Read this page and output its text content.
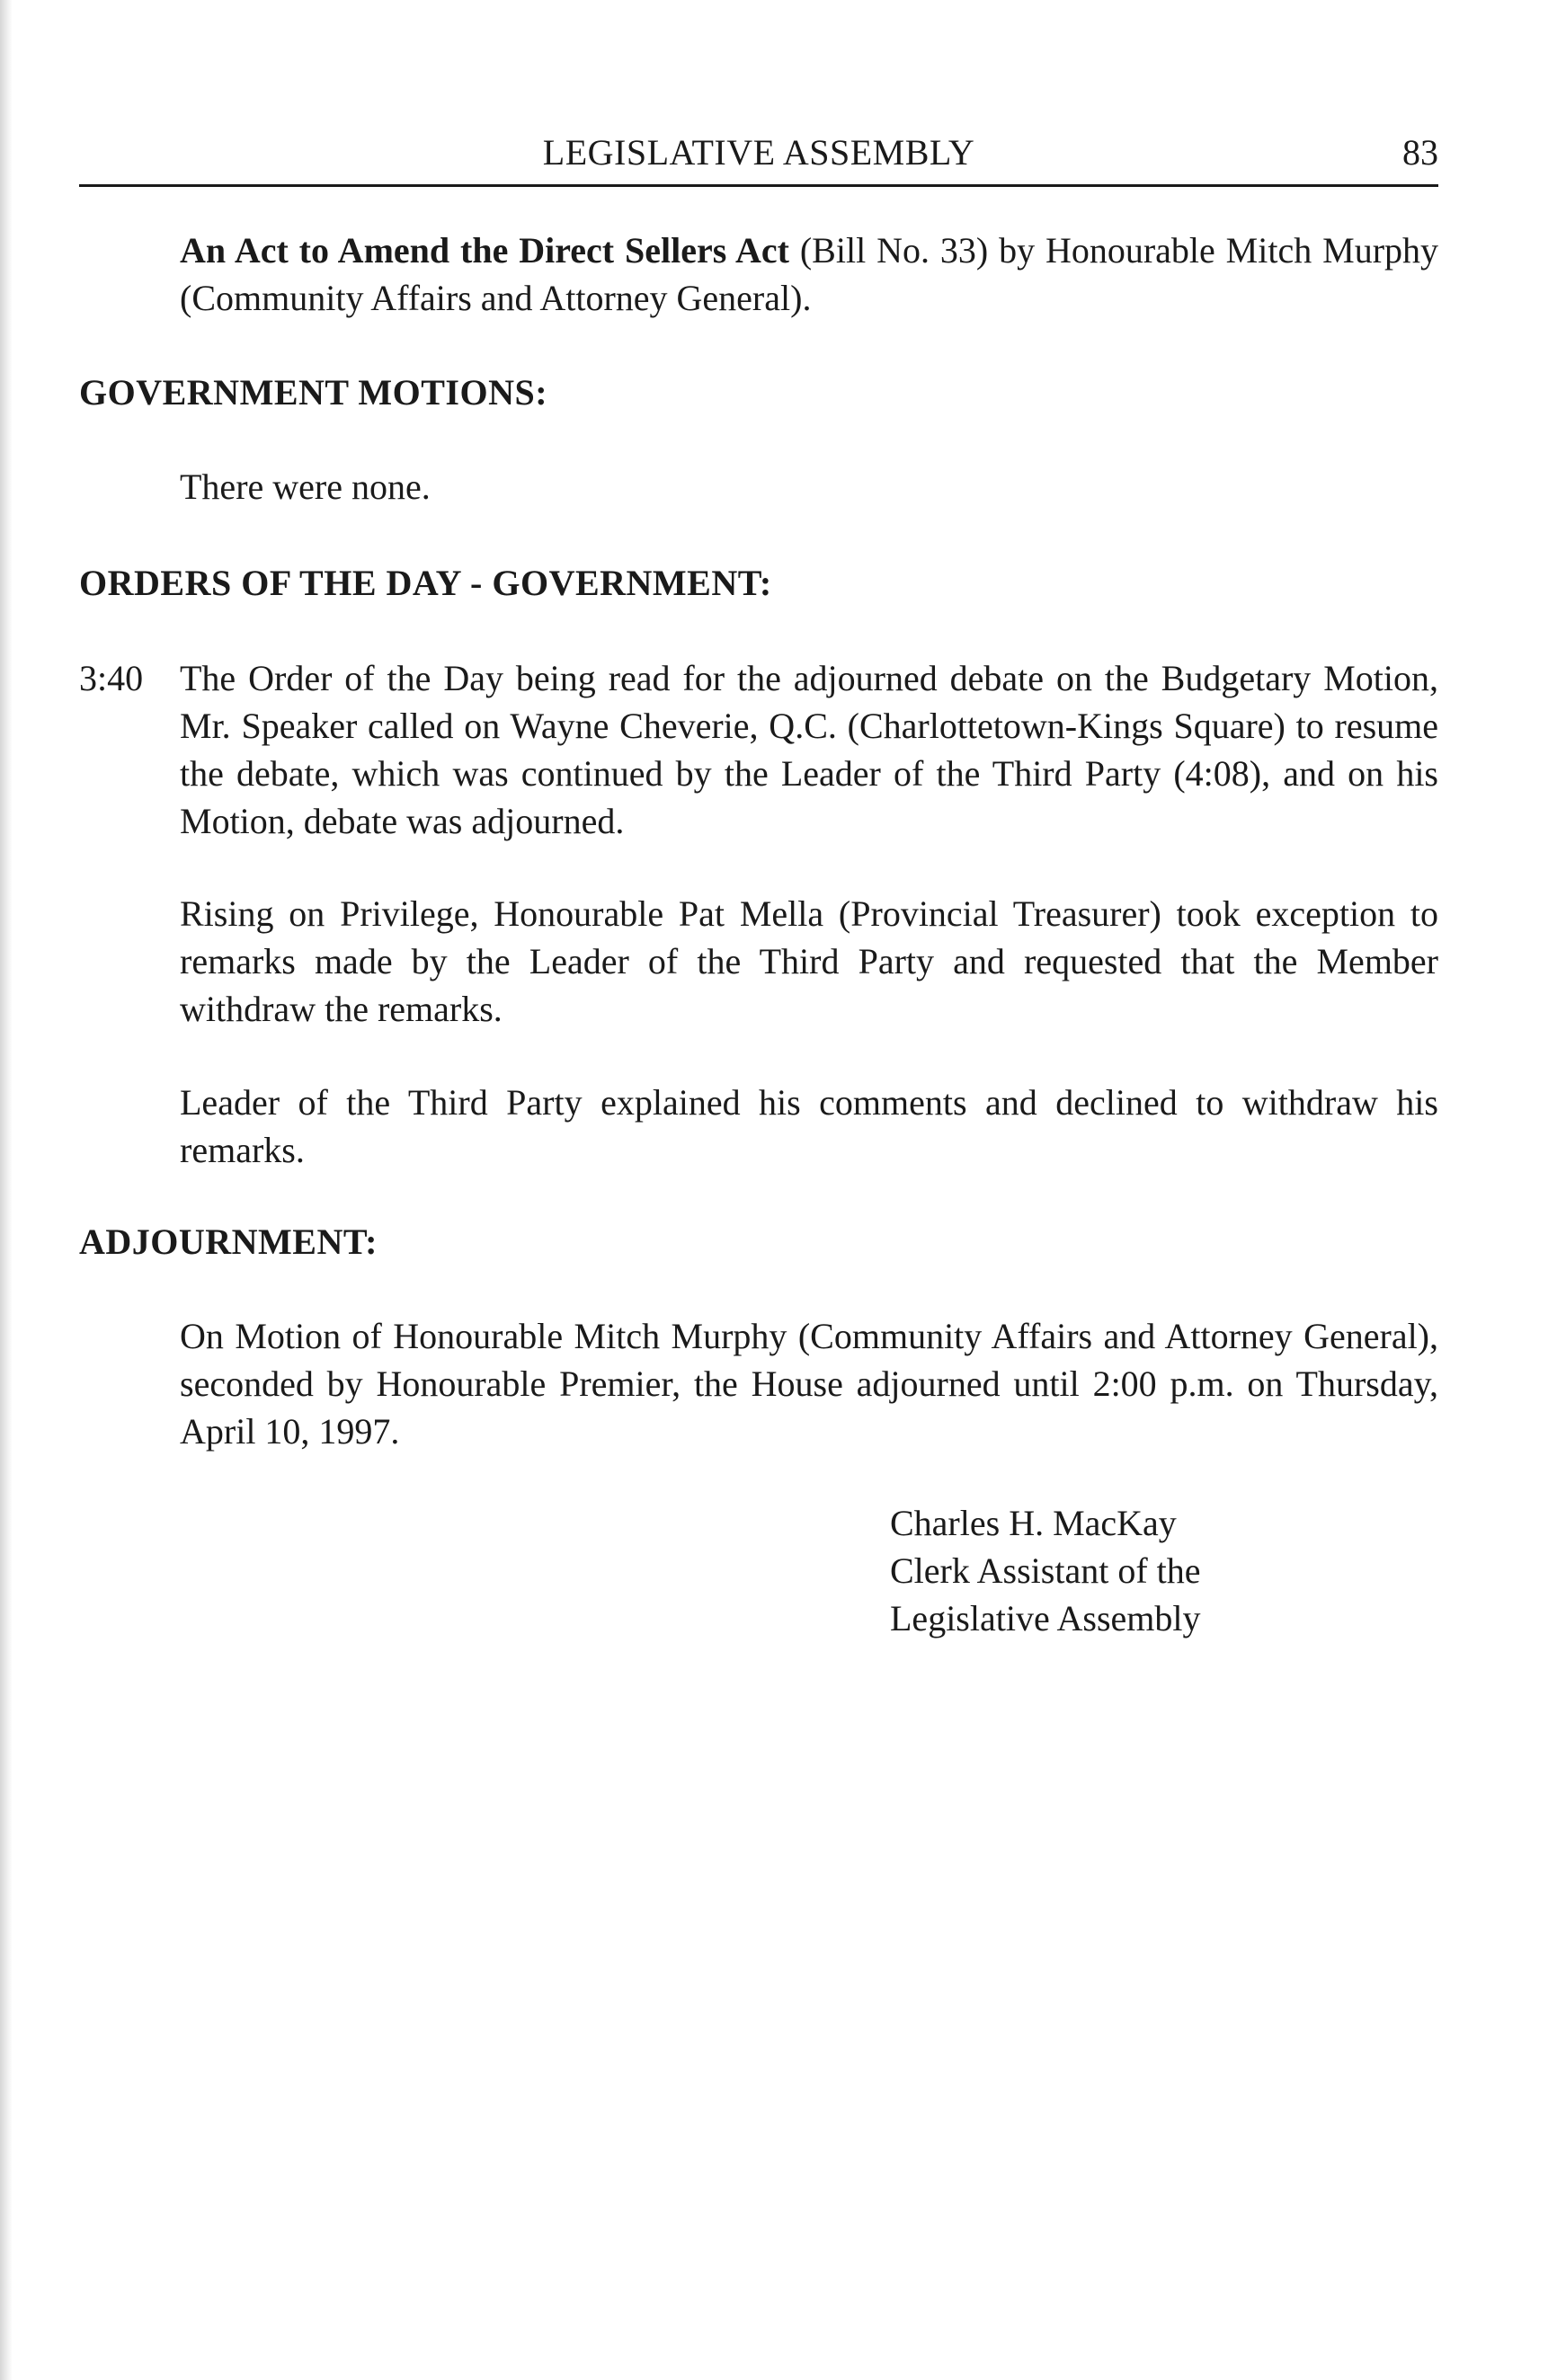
LEGISLATIVE ASSEMBLY	83

An Act to Amend the Direct Sellers Act (Bill No. 33) by Honourable Mitch Murphy (Community Affairs and Attorney General).

GOVERNMENT MOTIONS:

There were none.

ORDERS OF THE DAY - GOVERNMENT:
3:40 The Order of the Day being read for the adjourned debate on the Budgetary Motion, Mr. Speaker called on Wayne Cheverie, Q.C. (Charlottetown-Kings Square) to resume the debate, which was continued by the Leader of the Third Party (4:08), and on his Motion, debate was adjourned.

Rising on Privilege, Honourable Pat Mella (Provincial Treasurer) took exception to remarks made by the Leader of the Third Party and requested that the Member withdraw the remarks.

Leader of the Third Party explained his comments and declined to withdraw his remarks.

ADJOURNMENT:

On Motion of Honourable Mitch Murphy (Community Affairs and Attorney General), seconded by Honourable Premier, the House adjourned until 2:00 p.m. on Thursday, April 10, 1997.

Charles H. MacKay
Clerk Assistant of the
Legislative Assembly
